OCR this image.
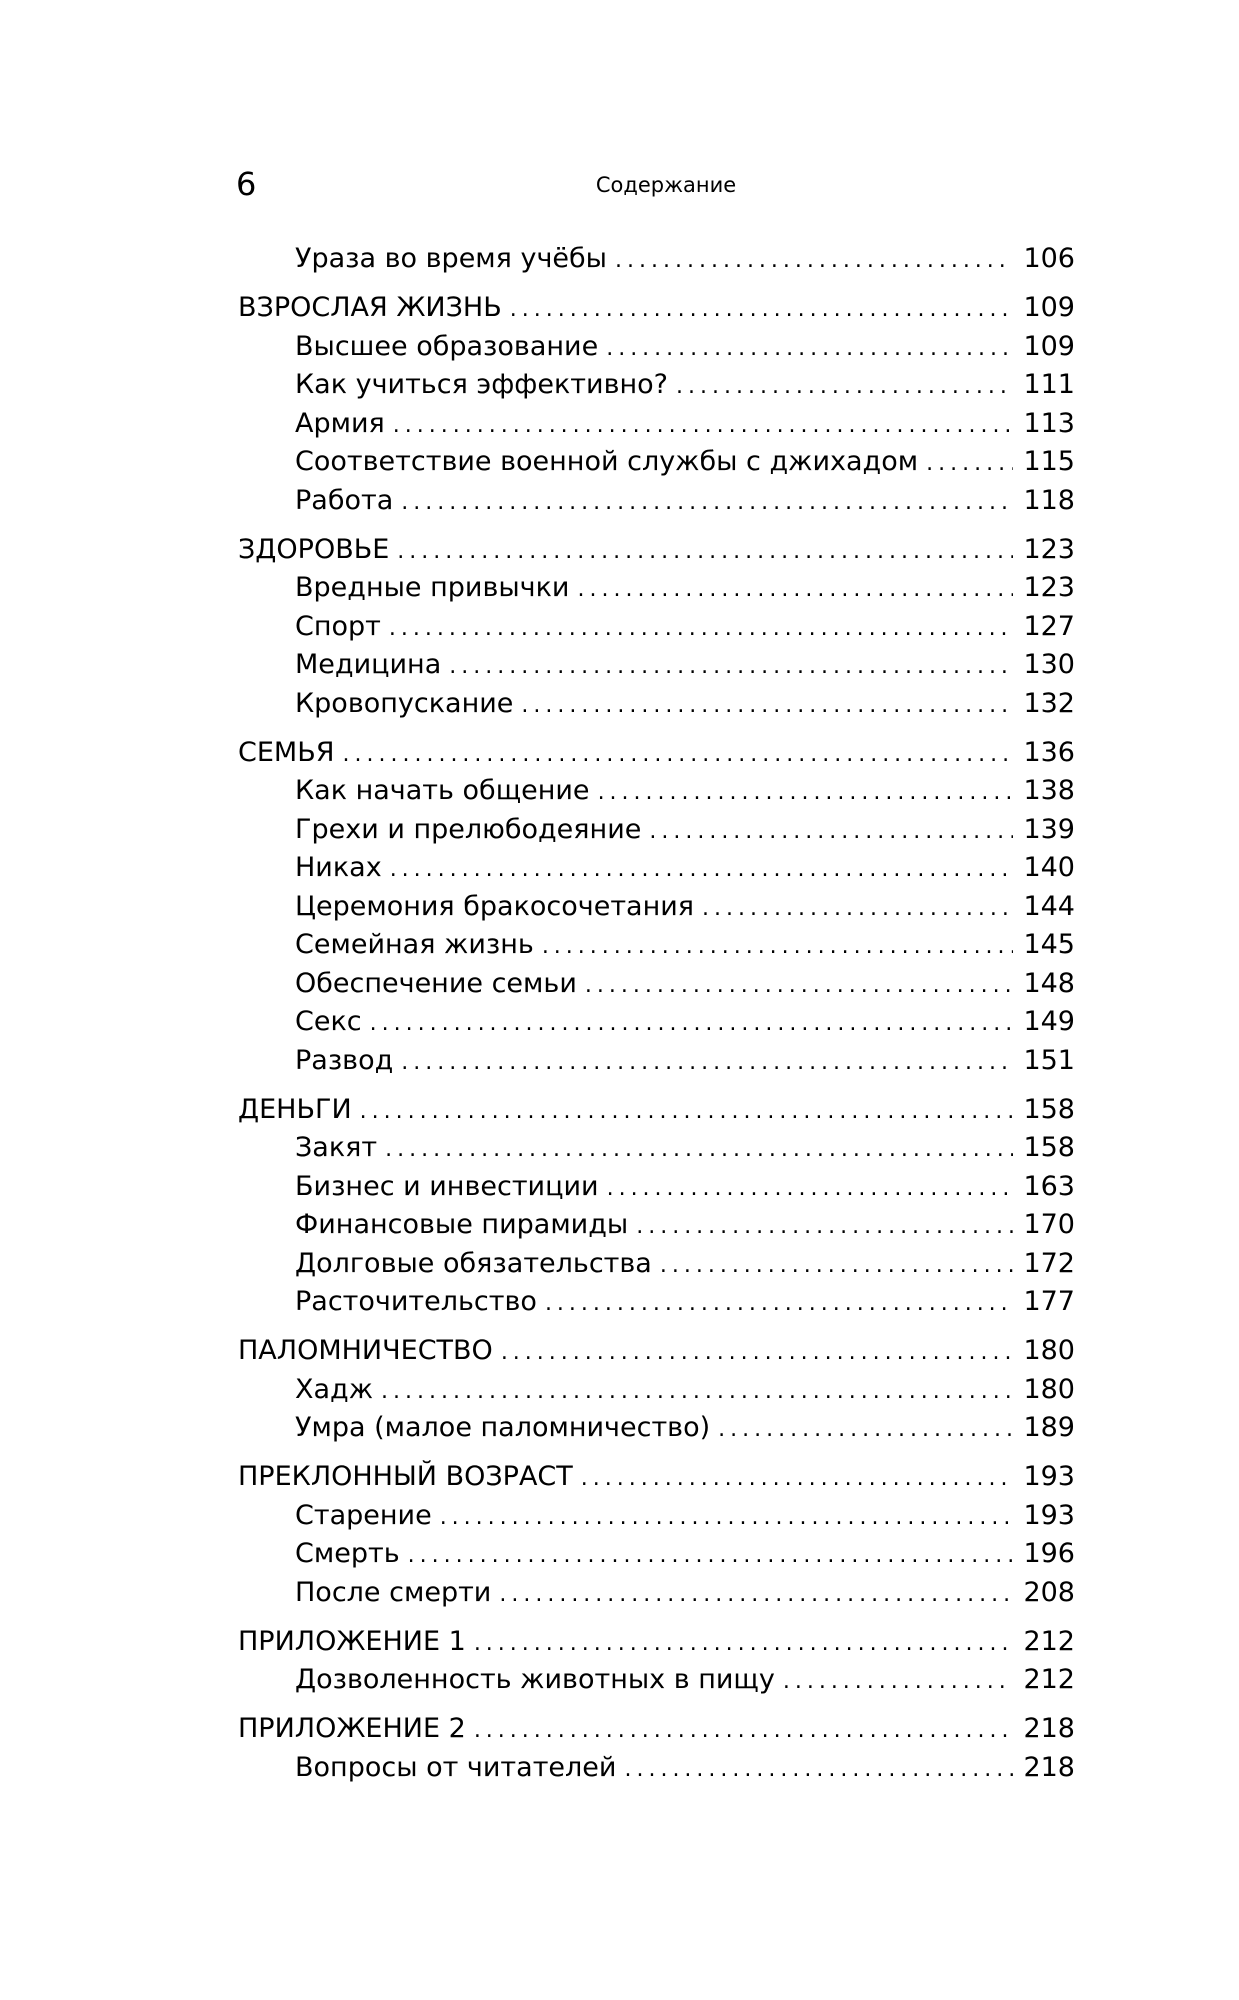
6	Содержание
Ураза во время учёбы .....	106
ВЗРОСЛАЯ ЖИЗНЬ .....	109
Высшее образование .....	109
Как учиться эффективно? .....	111
Армия .....	113
Соответствие военной службы с джихадом .....	115
Работа .....	118
ЗДОРОВЬЕ .....	123
Вредные привычки .....	123
Спорт .....	127
Медицина .....	130
Кровопускание .....	132
СЕМЬЯ .....	136
Как начать общение .....	138
Грехи и прелюбодеяние .....	139
Никах .....	140
Церемония бракосочетания .....	144
Семейная жизнь .....	145
Обеспечение семьи .....	148
Секс .....	149
Развод .....	151
ДЕНЬГИ .....	158
Закят .....	158
Бизнес и инвестиции .....	163
Финансовые пирамиды .....	170
Долговые обязательства .....	172
Расточительство .....	177
ПАЛОМНИЧЕСТВО .....	180
Хадж .....	180
Умра (малое паломничество) .....	189
ПРЕКЛОННЫЙ ВОЗРАСТ .....	193
Старение .....	193
Смерть .....	196
После смерти .....	208
ПРИЛОЖЕНИЕ 1 .....	212
Дозволенность животных в пищу .....	212
ПРИЛОЖЕНИЕ 2 .....	218
Вопросы от читателей .....	218
